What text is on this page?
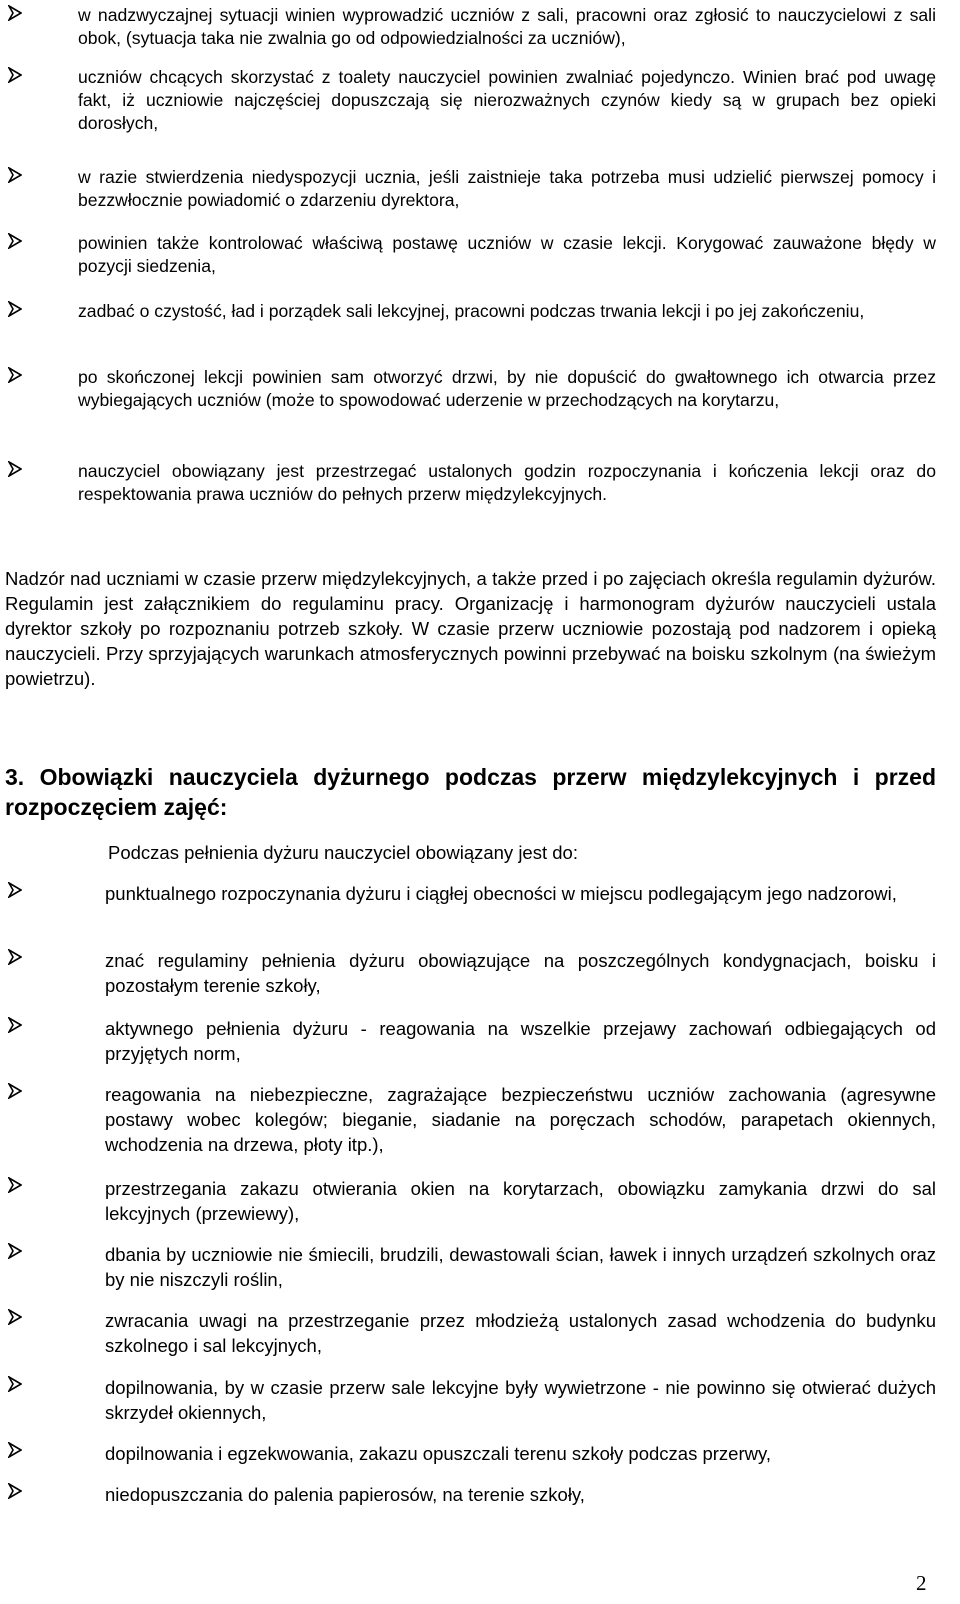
w nadzwyczajnej sytuacji winien wyprowadzić uczniów z sali, pracowni oraz zgłosić to nauczycielowi z sali obok, (sytuacja taka nie zwalnia go od odpowiedzialności za uczniów),
uczniów chcących skorzystać z toalety nauczyciel powinien zwalniać pojedynczo. Winien brać pod uwagę fakt, iż uczniowie najczęściej dopuszczają się nierozważnych czynów kiedy są w grupach bez opieki dorosłych,
w razie stwierdzenia niedyspozycji ucznia, jeśli zaistnieje taka potrzeba musi udzielić pierwszej pomocy i bezzwłocznie powiadomić o zdarzeniu dyrektora,
powinien także kontrolować właściwą postawę uczniów w czasie lekcji. Korygować zauważone błędy w pozycji siedzenia,
zadbać o czystość, ład i porządek sali lekcyjnej, pracowni podczas trwania lekcji i po jej zakończeniu,
po skończonej lekcji powinien sam otworzyć drzwi, by nie dopuścić do gwałtownego ich otwarcia przez wybiegających uczniów (może to spowodować uderzenie w przechodzących na korytarzu,
nauczyciel obowiązany jest przestrzegać ustalonych godzin rozpoczynania i kończenia lekcji oraz do respektowania prawa uczniów do pełnych przerw międzylekcyjnych.
Nadzór nad uczniami w czasie przerw międzylekcyjnych, a także przed i po zajęciach określa regulamin dyżurów. Regulamin jest załącznikiem do regulaminu pracy. Organizację i harmonogram dyżurów nauczycieli ustala dyrektor szkoły po rozpoznaniu potrzeb szkoły. W czasie przerw uczniowie pozostają pod nadzorem i opieką nauczycieli. Przy sprzyjających warunkach atmosferycznych powinni przebywać na boisku szkolnym (na świeżym powietrzu).
3. Obowiązki nauczyciela dyżurnego podczas przerw międzylekcyjnych i przed rozpoczęciem zajęć:
Podczas pełnienia dyżuru nauczyciel obowiązany jest do:
punktualnego rozpoczynania dyżuru i ciągłej obecności w miejscu podlegającym jego nadzorowi,
znać regulaminy pełnienia dyżuru obowiązujące na poszczególnych kondygnacjach, boisku i pozostałym terenie szkoły,
aktywnego pełnienia dyżuru - reagowania na wszelkie przejawy zachowań odbiegających od przyjętych norm,
reagowania na niebezpieczne, zagrażające bezpieczeństwu uczniów zachowania (agresywne postawy wobec kolegów; bieganie, siadanie na poręczach schodów, parapetach okiennych, wchodzenia na drzewa, płoty itp.),
przestrzegania zakazu otwierania okien na korytarzach, obowiązku zamykania drzwi do sal lekcyjnych (przewiewy),
dbania by uczniowie nie śmiecili, brudzili, dewastowali ścian, ławek i innych urządzeń szkolnych oraz by nie niszczyli roślin,
zwracania uwagi na przestrzeganie przez młodzieżą ustalonych zasad wchodzenia do budynku szkolnego i sal lekcyjnych,
dopilnowania, by w czasie przerw sale lekcyjne były wywietrzone - nie powinno się otwierać dużych skrzydeł okiennych,
dopilnowania i egzekwowania, zakazu opuszczali terenu szkoły podczas przerwy,
niedopuszczania do palenia papierosów, na terenie szkoły,
2
